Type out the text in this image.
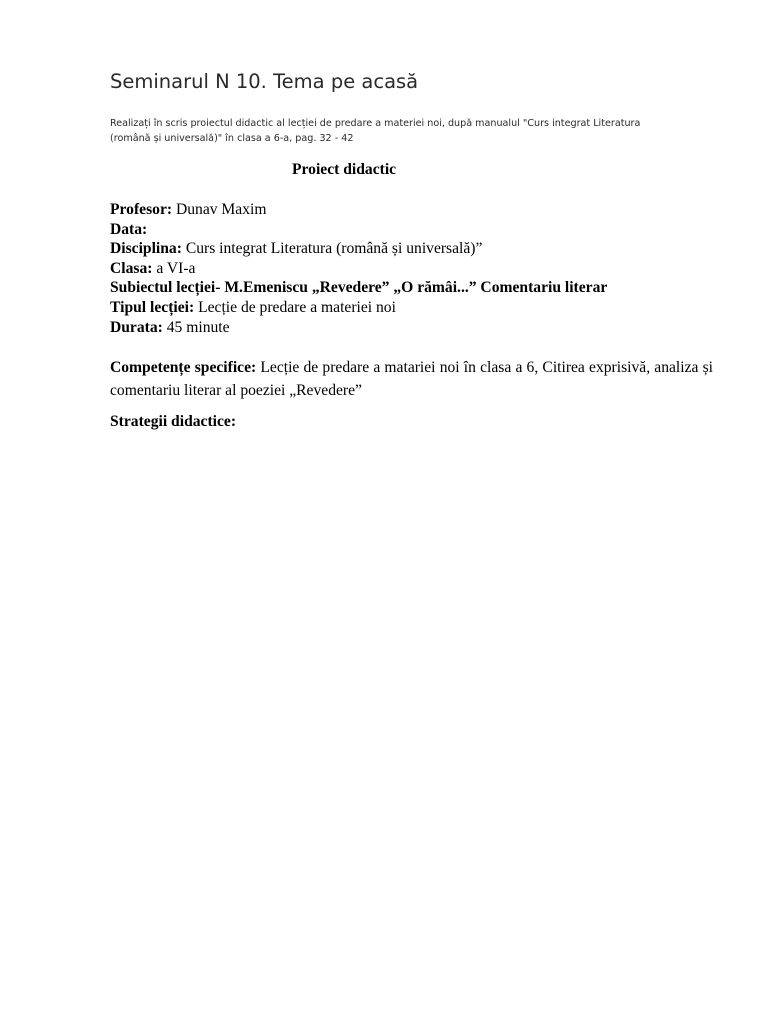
Seminarul N 10. Tema pe acasă
Realizați în scris proiectul didactic al lecției de predare a materiei noi, după manualul "Curs integrat Literatura
(română și universală)" în clasa a 6-a, pag. 32 - 42
Proiect didactic
Profesor: Dunav Maxim
Data:
Disciplina: Curs integrat Literatura (română și universală)”
Clasa: a VI-a
Subiectul lecției- M.Emeniscu „Revedere” „O rămâi...” Comentariu literar
Tipul lecției: Lecție de predare a materiei noi
Durata: 45 minute
Competențe specifice: Lecție de predare a matariei noi în clasa a 6, Citirea exprisivă, analiza și comentariu literar al poeziei „Revedere”
Strategii didactice:
